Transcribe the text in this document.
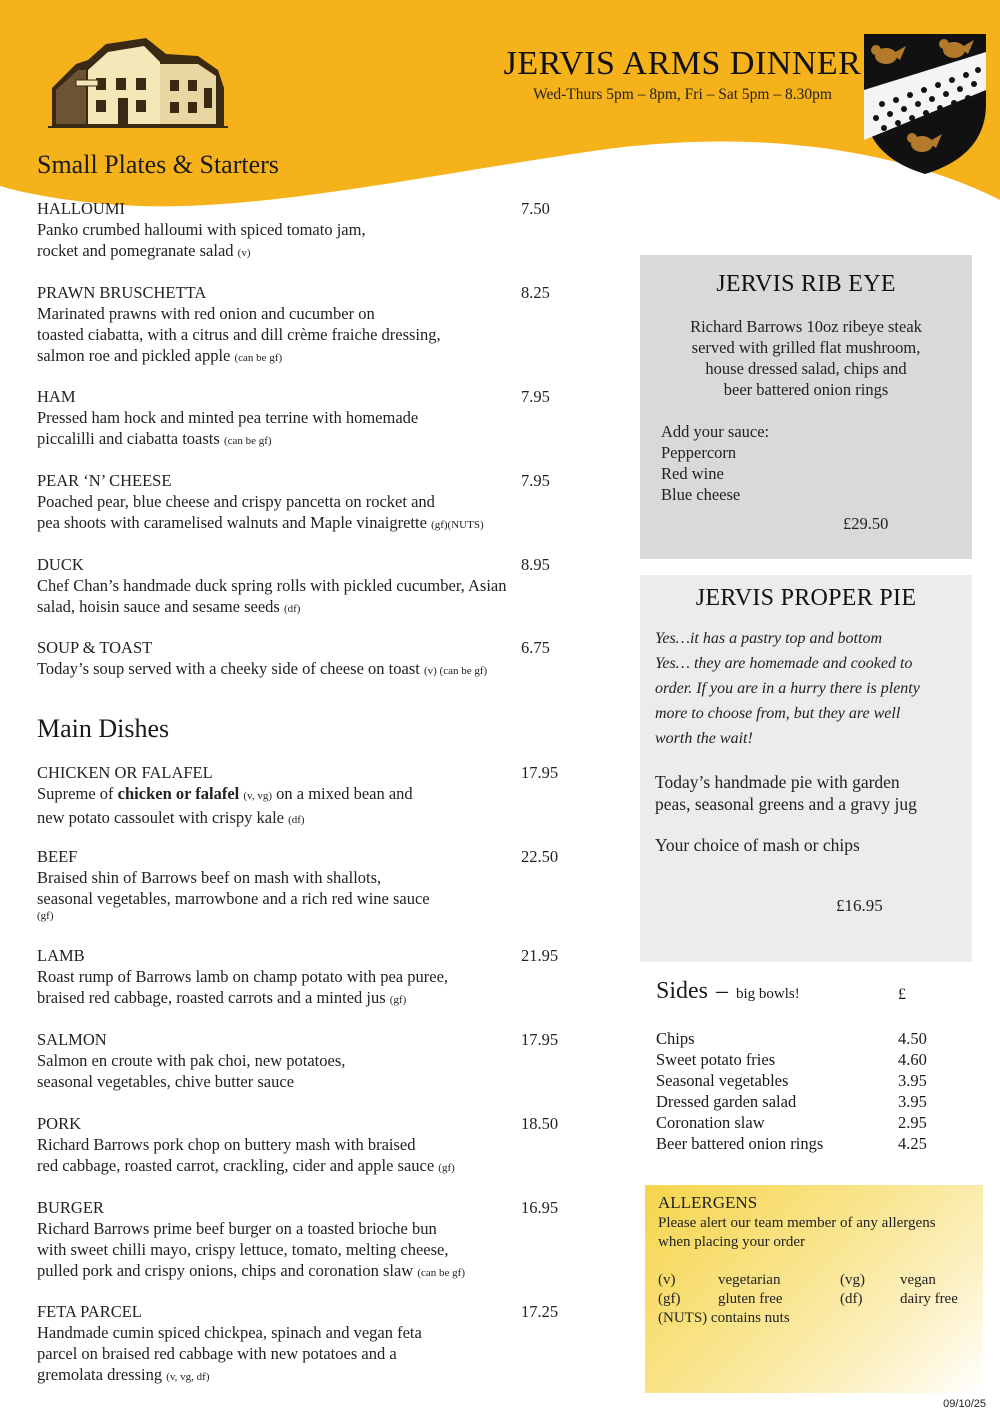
JERVIS ARMS DINNER
Wed-Thurs 5pm – 8pm, Fri – Sat 5pm – 8.30pm
Small Plates & Starters
HALLOUMI	7.50
Panko crumbed halloumi with spiced tomato jam,
rocket and pomegranate salad (v)
PRAWN BRUSCHETTA	8.25
Marinated prawns with red onion and cucumber on
toasted ciabatta, with a citrus and dill crème fraiche dressing,
salmon roe and pickled apple (can be gf)
HAM	7.95
Pressed ham hock and minted pea terrine with homemade
piccalilli and ciabatta toasts (can be gf)
PEAR ‘N’ CHEESE	7.95
Poached pear, blue cheese and crispy pancetta on rocket and
pea shoots with caramelised walnuts and Maple vinaigrette (gf)(NUTS)
DUCK	8.95
Chef Chan’s handmade duck spring rolls with pickled cucumber, Asian
salad, hoisin sauce and sesame seeds (df)
SOUP & TOAST	6.75
Today’s soup served with a cheeky side of cheese on toast (v) (can be gf)
Main Dishes
CHICKEN OR FALAFEL	17.95
Supreme of chicken or falafel (v, vg) on a mixed bean and
new potato cassoulet with crispy kale (df)
BEEF	22.50
Braised shin of Barrows beef on mash with shallots,
seasonal vegetables, marrowbone and a rich red wine sauce
(gf)
LAMB	21.95
Roast rump of Barrows lamb on champ potato with pea puree,
braised red cabbage, roasted carrots and a minted jus (gf)
SALMON	17.95
Salmon en croute with pak choi, new potatoes,
seasonal vegetables, chive butter sauce
PORK	18.50
Richard Barrows pork chop on buttery mash with braised
red cabbage, roasted carrot, crackling, cider and apple sauce (gf)
BURGER	16.95
Richard Barrows prime beef burger on a toasted brioche bun
with sweet chilli mayo, crispy lettuce, tomato, melting cheese,
pulled pork and crispy onions, chips and coronation slaw (can be gf)
FETA PARCEL	17.25
Handmade cumin spiced chickpea, spinach and vegan feta
parcel on braised red cabbage with new potatoes and a
gremolata dressing (v, vg, df)
JERVIS RIB EYE
Richard Barrows 10oz ribeye steak
served with grilled flat mushroom,
house dressed salad, chips and
beer battered onion rings
Add your sauce:
Peppercorn
Red wine
Blue cheese
£29.50
JERVIS PROPER PIE
Yes…it has a pastry top and bottom
Yes… they are homemade and cooked to
order. If you are in a hurry there is plenty
more to choose from, but they are well
worth the wait!
Today’s handmade pie with garden
peas, seasonal greens and a gravy jug
Your choice of mash or chips
£16.95
Sides – big bowls!	£
Chips	4.50
Sweet potato fries	4.60
Seasonal vegetables	3.95
Dressed garden salad	3.95
Coronation slaw	2.95
Beer battered onion rings	4.25
ALLERGENS
Please alert our team member of any allergens
when placing your order
(v)	vegetarian	(vg) vegan
(gf)	gluten free	(df)	dairy free
(NUTS) contains nuts
09/10/25
